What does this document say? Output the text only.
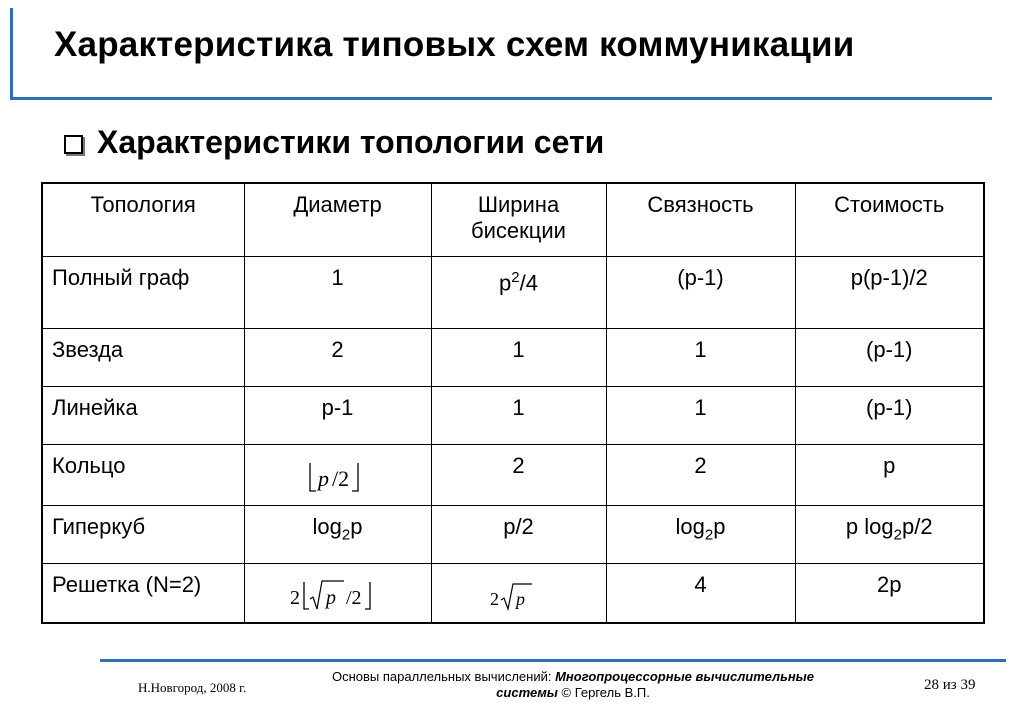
Характеристика типовых схем коммуникации
Характеристики топологии сети
Топология	Диаметр	Ширина бисекции	Связность	Стоимость
Полный граф	1	$p^2/4$	(p-1)	p(p-1)/2
Звезда	2	1	1	(p-1)
Линейка	p-1	1	1	(p-1)
Кольцо	p /2	2	2	p
Гиперкуб	$\log_2p$	p/2	$\log_2p$	p $\log_2p/2$
Решетка (N=2)	2 p /2	2 p	4	2p
Н.Новгород, 2008 г.
Основы параллельных вычислений: Многопроцессорные вычислительные
системы © Гергель В.П.	28 из 39
